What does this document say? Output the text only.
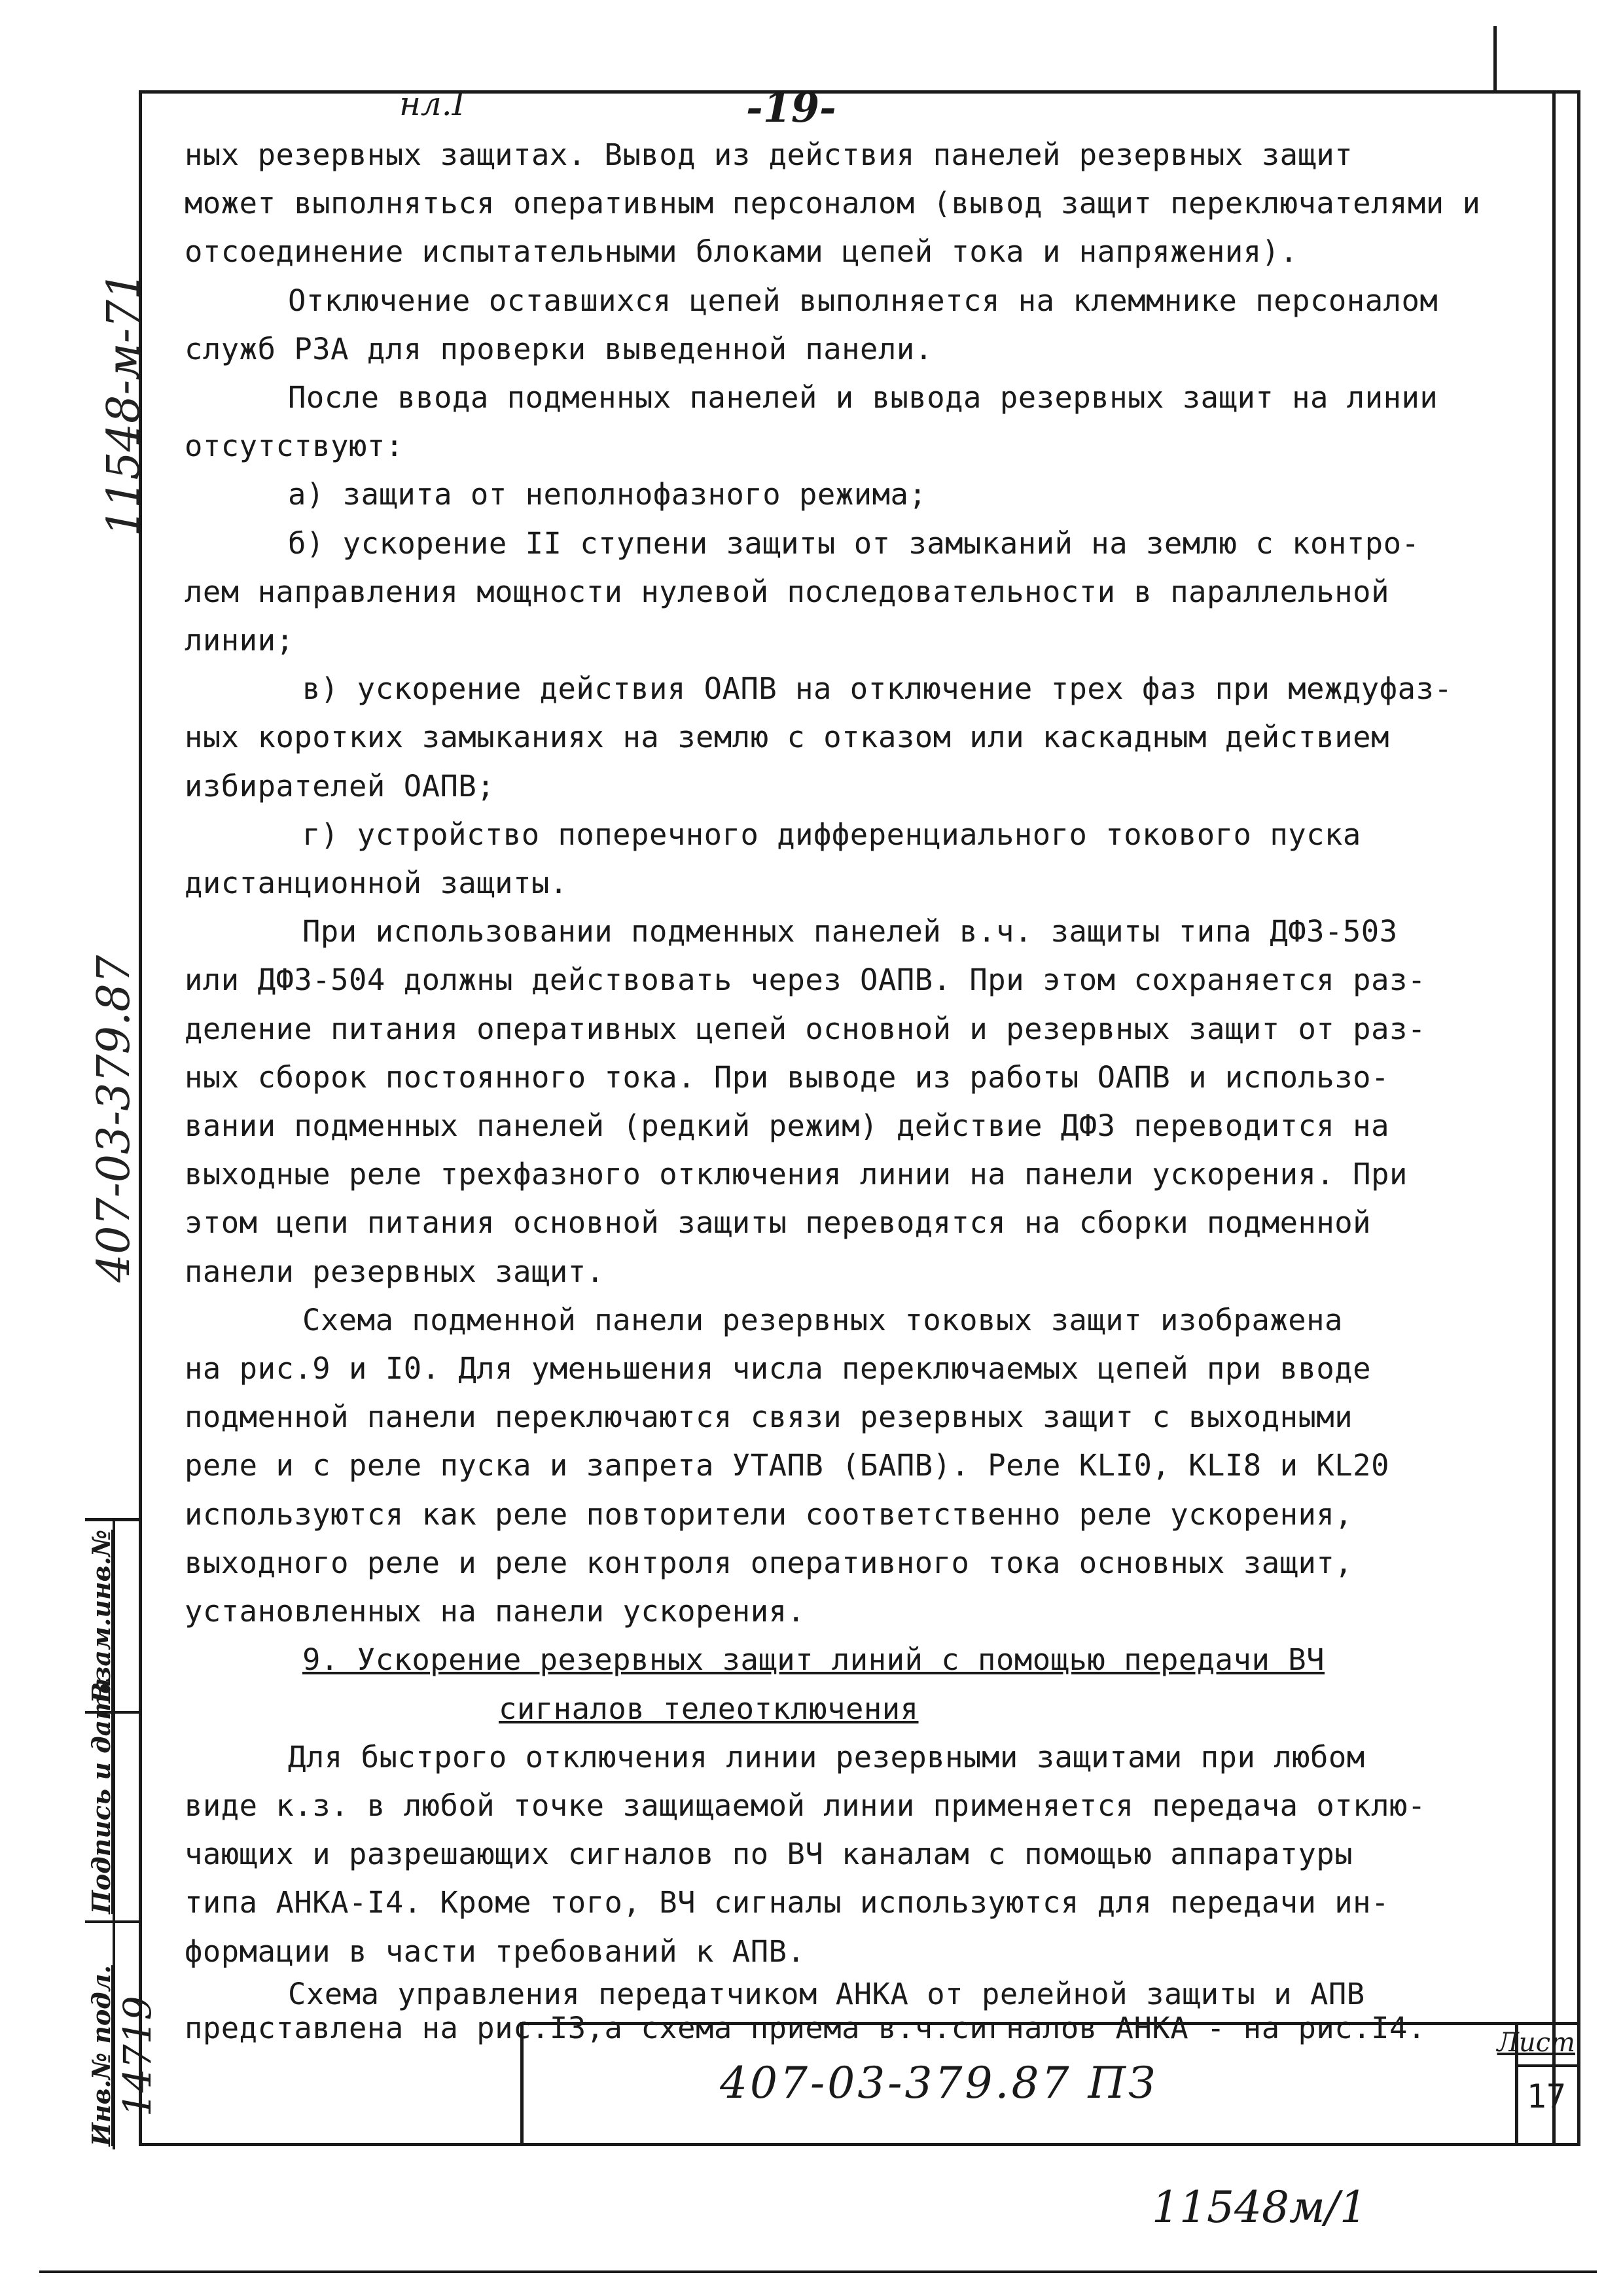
нл.I	-19-
11548-м-71
407-03-379.87

ных резервных защитах. Вывод из действия панелей резервных защит

может выполняться оперативным персоналом (вывод защит переключателями и

отсоединение испытательными блоками цепей тока и напряжения).

Отключение оставшихся цепей выполняется на клеммнике персоналом

служб РЗА для проверки выведенной панели.

После ввода подменных панелей и вывода резервных защит на линии

отсутствуют:

а) защита от неполнофазного режима;

б) ускорение II ступени защиты от замыканий на землю с контро-

лем направления мощности нулевой последовательности в параллельной

линии;

в) ускорение действия ОАПВ на отключение трех фаз при междуфаз-

ных коротких замыканиях на землю с отказом или каскадным действием

избирателей ОАПВ;

г) устройство поперечного дифференциального токового пуска

дистанционной защиты.

При использовании подменных панелей в.ч. защиты типа ДФЗ-503

или ДФЗ-504 должны действовать через ОАПВ. При этом сохраняется раз-

деление питания оперативных цепей основной и резервных защит от раз-

ных сборок постоянного тока. При выводе из работы ОАПВ и использо-

вании подменных панелей (редкий режим) действие ДФЗ переводится на

выходные реле трехфазного отключения линии на панели ускорения. При

этом цепи питания основной защиты переводятся на сборки подменной

панели резервных защит.

Схема подменной панели резервных токовых защит изображена

на рис.9 и I0. Для уменьшения числа переключаемых цепей при вводе

подменной панели переключаются связи резервных защит с выходными

реле и с реле пуска и запрета УТАПВ (БАПВ). Реле KLI0, KLI8 и KL20

используются как реле повторители соответственно реле ускорения,

выходного реле и реле контроля оперативного тока основных защит,

установленных на панели ускорения.

9. Ускорение резервных защит линий с помощью передачи ВЧ

сигналов телеотключения

Для быстрого отключения линии резервными защитами при любом

виде к.з. в любой точке защищаемой линии применяется передача отклю-

чающих и разрешающих сигналов по ВЧ каналам с помощью аппаратуры

типа АНКА-I4. Кроме того, ВЧ сигналы используются для передачи ин-

формации в части требований к АПВ.

Схема управления передатчиком АНКА от релейной защиты и АПВ

представлена на рис.I3,а схема приема в.ч.сигналов АНКА - на рис.I4.

Взам.инв.№
Подпись и дата
Инв.№ подл. 14719	407-03-379.87 ПЗ
Лист
17
11548м/1
